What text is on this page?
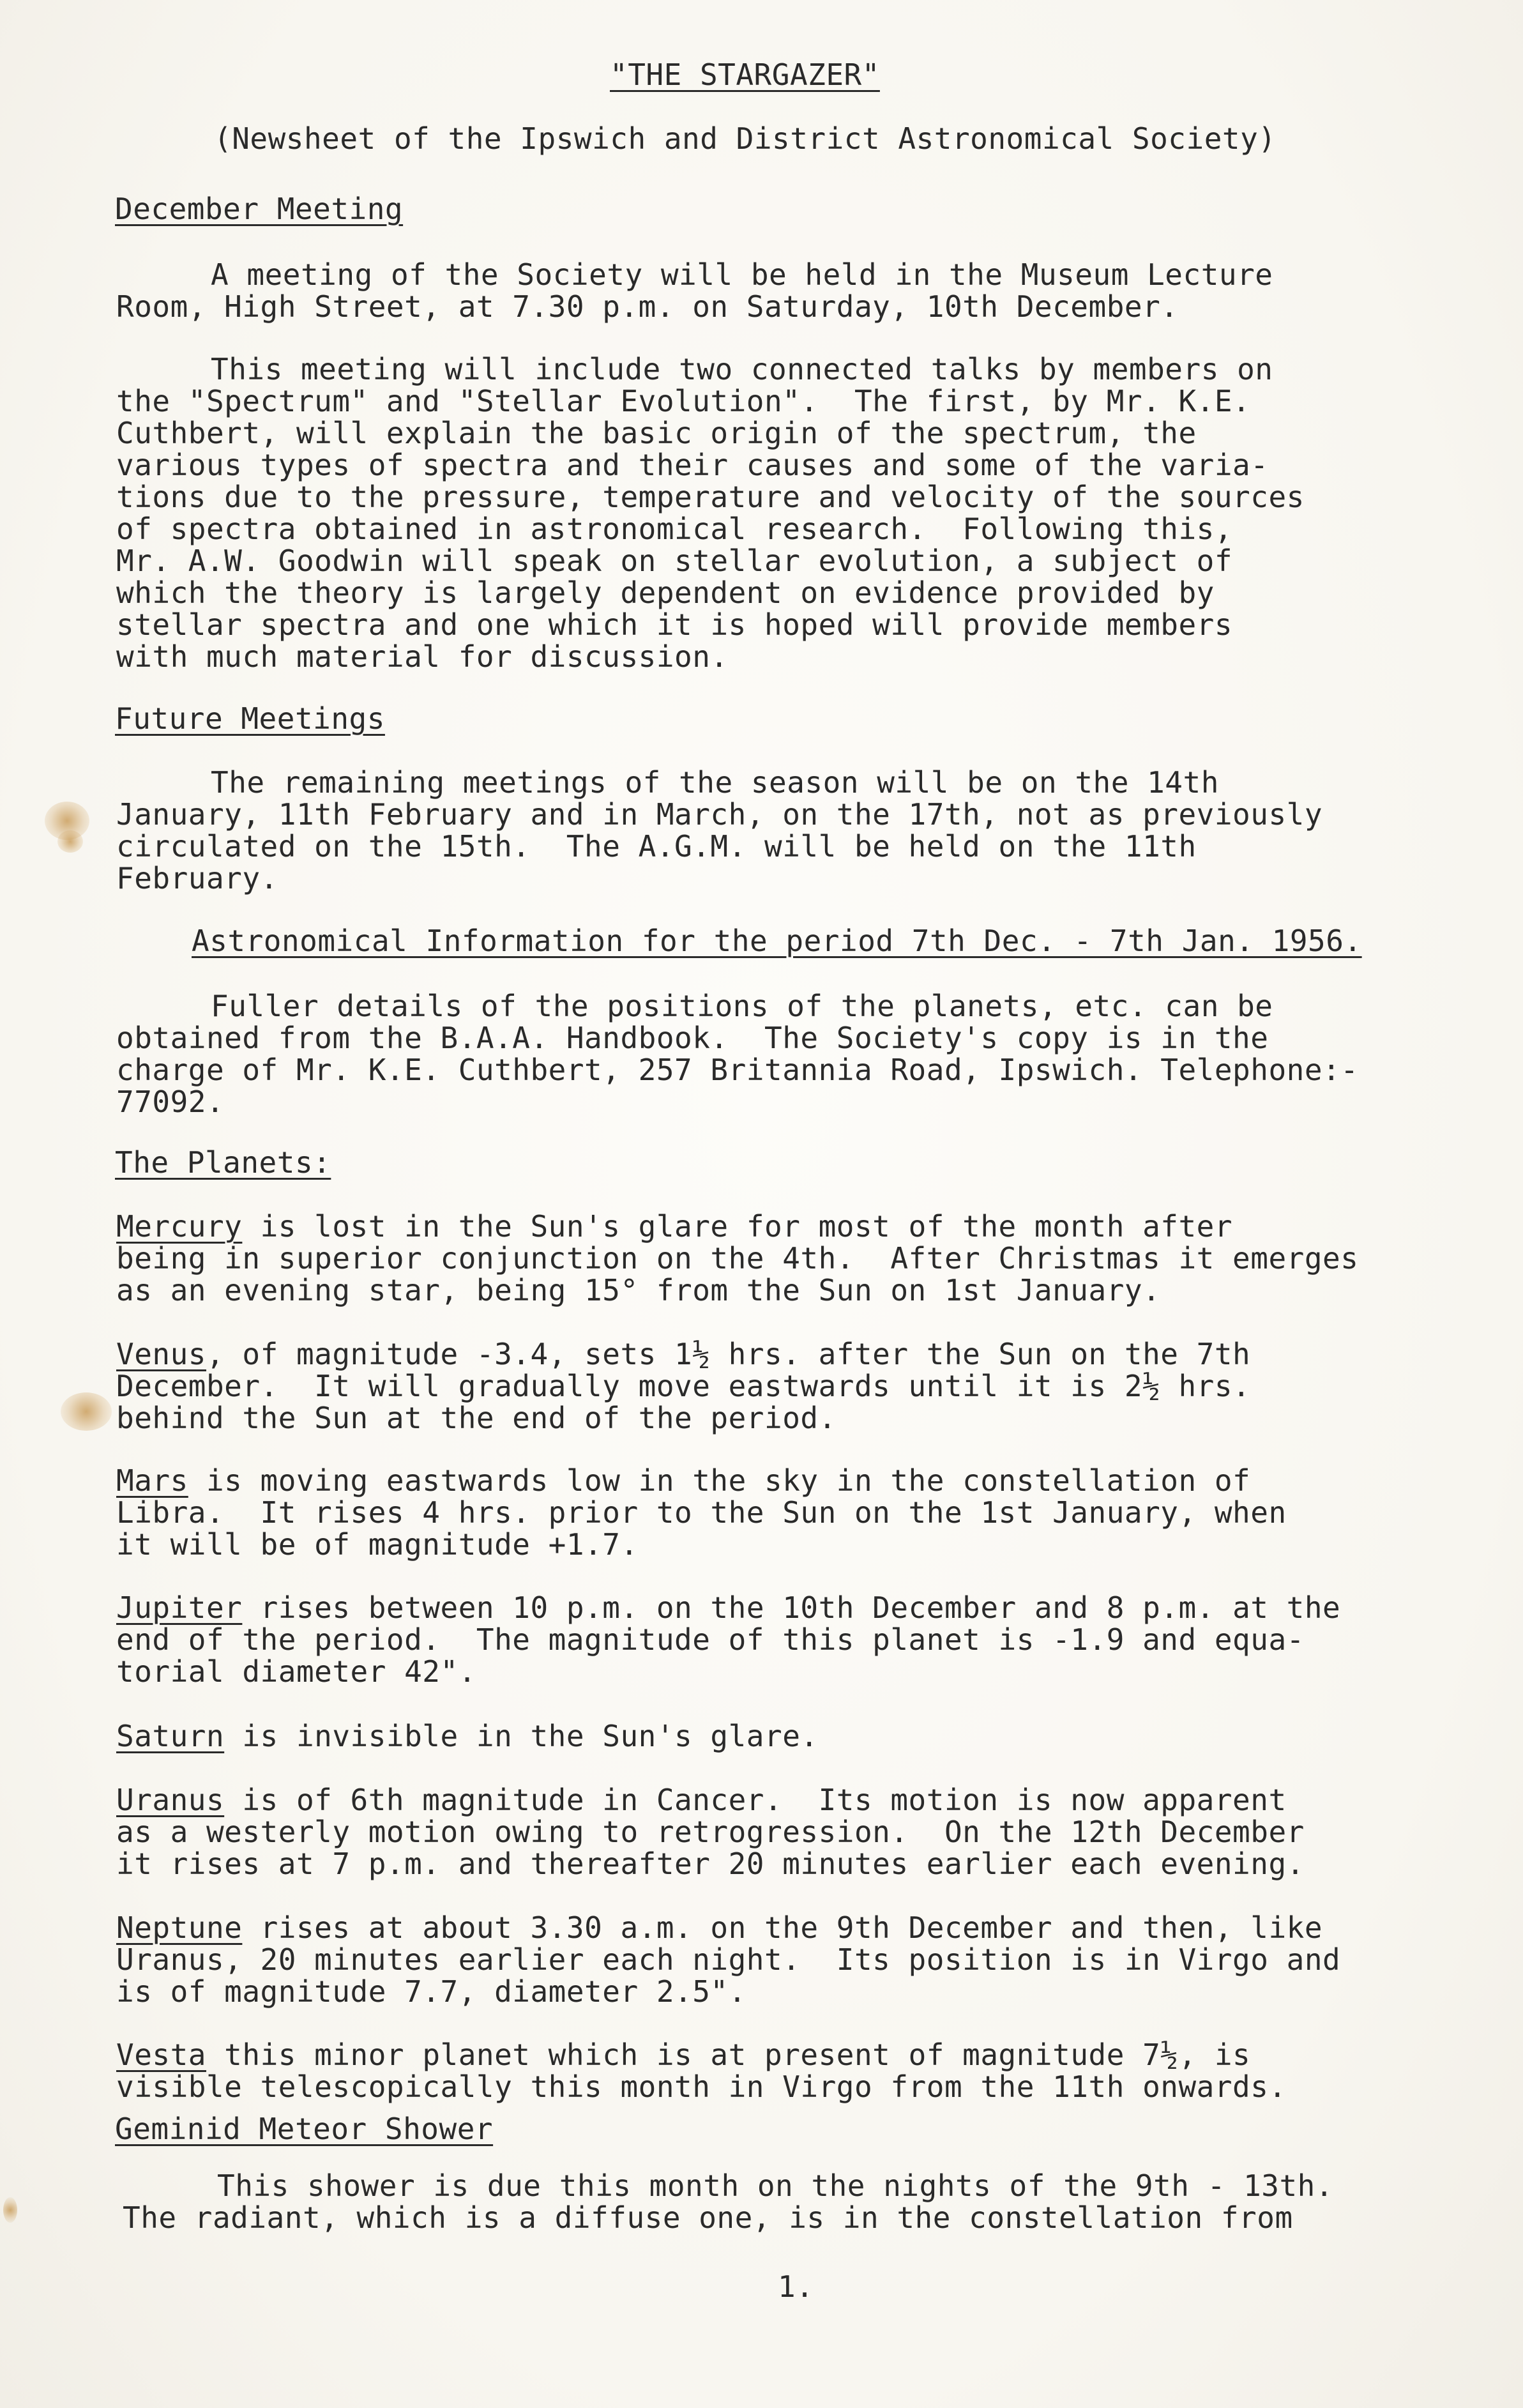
"THE STARGAZER"
(Newsheet of the Ipswich and District Astronomical Society)
December Meeting
A meeting of the Society will be held in the Museum Lecture
Room, High Street, at 7.30 p.m. on Saturday, 10th December.
This meeting will include two connected talks by members on
the "Spectrum" and "Stellar Evolution".  The first, by Mr. K.E.
Cuthbert, will explain the basic origin of the spectrum, the
various types of spectra and their causes and some of the varia-
tions due to the pressure, temperature and velocity of the sources
of spectra obtained in astronomical research.  Following this,
Mr. A.W. Goodwin will speak on stellar evolution, a subject of
which the theory is largely dependent on evidence provided by
stellar spectra and one which it is hoped will provide members
with much material for discussion.
Future Meetings
The remaining meetings of the season will be on the 14th
January, 11th February and in March, on the 17th, not as previously
circulated on the 15th.  The A.G.M. will be held on the 11th
February.
Astronomical Information for the period 7th Dec. - 7th Jan. 1956.
Fuller details of the positions of the planets, etc. can be
obtained from the B.A.A. Handbook.  The Society's copy is in the
charge of Mr. K.E. Cuthbert, 257 Britannia Road, Ipswich. Telephone:-
77092.
The Planets:
Mercury is lost in the Sun's glare for most of the month after
being in superior conjunction on the 4th.  After Christmas it emerges
as an evening star, being 15° from the Sun on 1st January.
Venus, of magnitude -3.4, sets 1½ hrs. after the Sun on the 7th
December.  It will gradually move eastwards until it is 2½ hrs.
behind the Sun at the end of the period.
Mars is moving eastwards low in the sky in the constellation of
Libra.  It rises 4 hrs. prior to the Sun on the 1st January, when
it will be of magnitude +1.7.
Jupiter rises between 10 p.m. on the 10th December and 8 p.m. at the
end of the period.  The magnitude of this planet is -1.9 and equa-
torial diameter 42".
Saturn is invisible in the Sun's glare.
Uranus is of 6th magnitude in Cancer.  Its motion is now apparent
as a westerly motion owing to retrogression.  On the 12th December
it rises at 7 p.m. and thereafter 20 minutes earlier each evening.
Neptune rises at about 3.30 a.m. on the 9th December and then, like
Uranus, 20 minutes earlier each night.  Its position is in Virgo and
is of magnitude 7.7, diameter 2.5".
Vesta this minor planet which is at present of magnitude 7½, is
visible telescopically this month in Virgo from the 11th onwards.
Geminid Meteor Shower
This shower is due this month on the nights of the 9th - 13th.
The radiant, which is a diffuse one, is in the constellation from
1.
